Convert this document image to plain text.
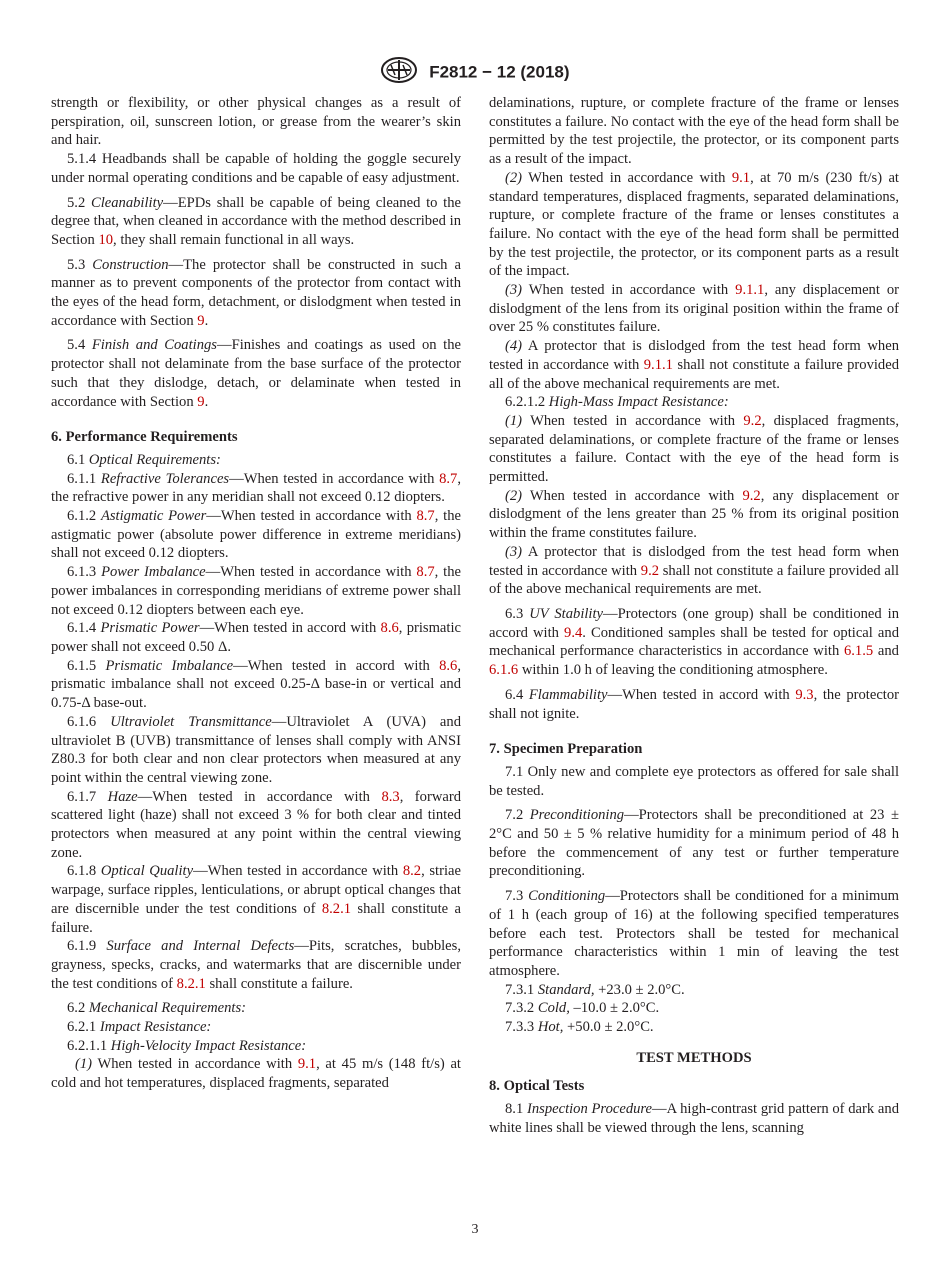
F2812 − 12 (2018)

strength or flexibility, or other physical changes as a result of perspiration, oil, sunscreen lotion, or grease from the wearer’s skin and hair.

5.1.4 Headbands shall be capable of holding the goggle securely under normal operating conditions and be capable of easy adjustment.

5.2 Cleanability—EPDs shall be capable of being cleaned to the degree that, when cleaned in accordance with the method described in Section 10, they shall remain functional in all ways.

5.3 Construction—The protector shall be constructed in such a manner as to prevent components of the protector from contact with the eyes of the head form, detachment, or dislodgment when tested in accordance with Section 9.

5.4 Finish and Coatings—Finishes and coatings as used on the protector shall not delaminate from the base surface of the protector such that they dislodge, detach, or delaminate when tested in accordance with Section 9.

6. Performance Requirements

6.1 Optical Requirements:

6.1.1 Refractive Tolerances—When tested in accordance with 8.7, the refractive power in any meridian shall not exceed 0.12 diopters.

6.1.2 Astigmatic Power—When tested in accordance with 8.7, the astigmatic power (absolute power difference in extreme meridians) shall not exceed 0.12 diopters.

6.1.3 Power Imbalance—When tested in accordance with 8.7, the power imbalances in corresponding meridians of extreme power shall not exceed 0.12 diopters between each eye.

6.1.4 Prismatic Power—When tested in accord with 8.6, prismatic power shall not exceed 0.50 Δ.

6.1.5 Prismatic Imbalance—When tested in accord with 8.6, prismatic imbalance shall not exceed 0.25-Δ base-in or vertical and 0.75-Δ base-out.

6.1.6 Ultraviolet Transmittance—Ultraviolet A (UVA) and ultraviolet B (UVB) transmittance of lenses shall comply with ANSI Z80.3 for both clear and non clear protectors when measured at any point within the central viewing zone.

6.1.7 Haze—When tested in accordance with 8.3, forward scattered light (haze) shall not exceed 3 % for both clear and tinted protectors when measured at any point within the central viewing zone.

6.1.8 Optical Quality—When tested in accordance with 8.2, striae warpage, surface ripples, lenticulations, or abrupt optical changes that are discernible under the test conditions of 8.2.1 shall constitute a failure.

6.1.9 Surface and Internal Defects—Pits, scratches, bubbles, grayness, specks, cracks, and watermarks that are discernible under the test conditions of 8.2.1 shall constitute a failure.

6.2 Mechanical Requirements:

6.2.1 Impact Resistance:

6.2.1.1 High-Velocity Impact Resistance:

(1) When tested in accordance with 9.1, at 45 m/s (148 ft/s) at cold and hot temperatures, displaced fragments, separated

delaminations, rupture, or complete fracture of the frame or lenses constitutes a failure. No contact with the eye of the head form shall be permitted by the test projectile, the protector, or its component parts as a result of the impact.

(2) When tested in accordance with 9.1, at 70 m/s (230 ft/s) at standard temperatures, displaced fragments, separated delaminations, rupture, or complete fracture of the frame or lenses constitutes a failure. No contact with the eye of the head form shall be permitted by the test projectile, the protector, or its component parts as a result of the impact.

(3) When tested in accordance with 9.1.1, any displacement or dislodgment of the lens from its original position within the frame of over 25 % constitutes failure.

(4) A protector that is dislodged from the test head form when tested in accordance with 9.1.1 shall not constitute a failure provided all of the above mechanical requirements are met.

6.2.1.2 High-Mass Impact Resistance:

(1) When tested in accordance with 9.2, displaced fragments, separated delaminations, or complete fracture of the frame or lenses constitutes a failure. Contact with the eye of the head form is permitted.

(2) When tested in accordance with 9.2, any displacement or dislodgment of the lens greater than 25 % from its original position within the frame constitutes failure.

(3) A protector that is dislodged from the test head form when tested in accordance with 9.2 shall not constitute a failure provided all of the above mechanical requirements are met.

6.3 UV Stability—Protectors (one group) shall be conditioned in accord with 9.4. Conditioned samples shall be tested for optical and mechanical performance characteristics in accordance with 6.1.5 and 6.1.6 within 1.0 h of leaving the conditioning atmosphere.

6.4 Flammability—When tested in accord with 9.3, the protector shall not ignite.

7. Specimen Preparation

7.1 Only new and complete eye protectors as offered for sale shall be tested.

7.2 Preconditioning—Protectors shall be preconditioned at 23 ± 2°C and 50 ± 5 % relative humidity for a minimum period of 48 h before the commencement of any test or further temperature preconditioning.

7.3 Conditioning—Protectors shall be conditioned for a minimum of 1 h (each group of 16) at the following specified temperatures before each test. Protectors shall be tested for mechanical performance characteristics within 1 min of leaving the test atmosphere.

7.3.1 Standard, +23.0 ± 2.0°C.

7.3.2 Cold, –10.0 ± 2.0°C.

7.3.3 Hot, +50.0 ± 2.0°C.

TEST METHODS

8. Optical Tests

8.1 Inspection Procedure—A high-contrast grid pattern of dark and white lines shall be viewed through the lens, scanning

3
